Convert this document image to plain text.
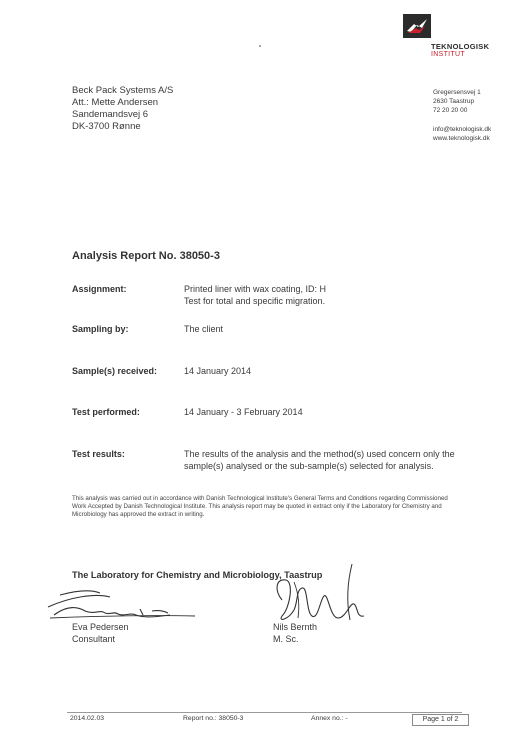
TEKNOLOGISK
INSTITUT
Beck Pack Systems A/S
Att.: Mette Andersen
Sandemandsvej 6
DK-3700 Rønne
Gregersensvej 1
2630 Taastrup
72 20 20 00
info@teknologisk.dk
www.teknologisk.dk
Analysis Report No. 38050-3
Assignment:	Printed liner with wax coating, ID: H
Test for total and specific migration.
Sampling by:	The client
Sample(s) received:	14 January 2014
Test performed:	14 January - 3 February 2014
Test results:	The results of the analysis and the method(s) used concern only the sample(s) analysed or the sub-sample(s) selected for analysis.
This analysis was carried out in accordance with Danish Technological Institute's General Terms and Conditions regarding Commissioned Work Accepted by Danish Technological Institute. This analysis report may be quoted in extract only if the Laboratory for Chemistry and Microbiology has approved the extract in writing.
The Laboratory for Chemistry and Microbiology, Taastrup
Eva Pedersen
Consultant
Nils Bernth
M. Sc.
2014.02.03	Report no.: 38050-3	Annex no.: -	Page 1 of 2
